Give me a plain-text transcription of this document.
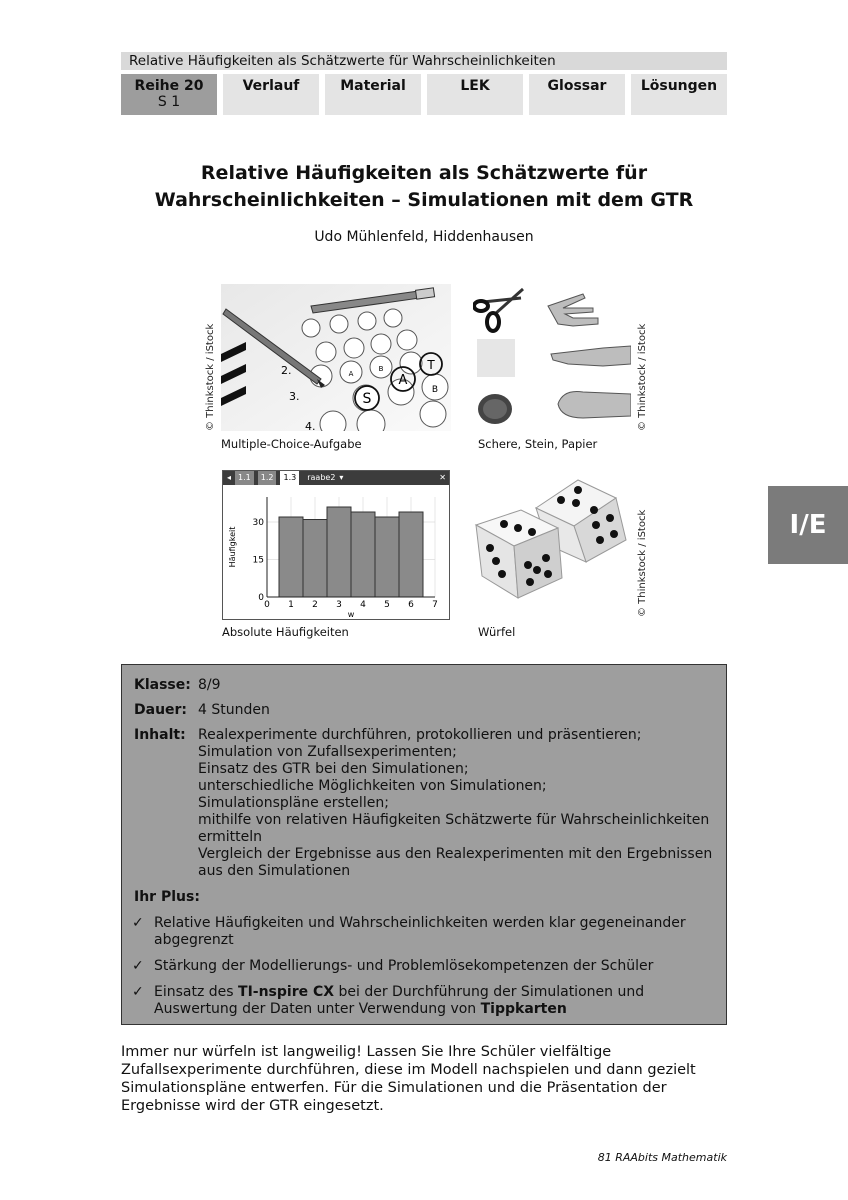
Relative Häufigkeiten als Schätzwerte für Wahrscheinlichkeiten
Reihe 20
S 1
Verlauf	Material	LEK	Glossar	Lösungen
Relative Häufigkeiten als Schätzwerte für
Wahrscheinlichkeiten – Simulationen mit dem GTR
Udo Mühlenfeld, Hiddenhausen
S
A
T
B
A
B
2.
3.
4.
© Thinkstock / iStock
Multiple-Choice-Aufgabe
© Thinkstock / iStock
Schere, Stein, Papier
◂ 1.1	1.2	1.3	raabe2 ▾	✕
0 1 2 3 4 5 6 7
0
15
30
w
Häufigkeit
Absolute Häufigkeiten
© Thinkstock / iStock
Würfel
I/E
Klasse: 8/9
Dauer: 4 Stunden
Inhalt: Realexperimente durchführen, protokollieren und präsentieren;
Simulation von Zufallsexperimenten;
Einsatz des GTR bei den Simulationen;
unterschiedliche Möglichkeiten von Simulationen;
Simulationspläne erstellen;
mithilfe von relativen Häufigkeiten Schätzwerte für Wahrscheinlichkeiten
ermitteln
Vergleich der Ergebnisse aus den Realexperimenten mit den Ergebnissen
aus den Simulationen
Ihr Plus:
✓ Relative Häufigkeiten und Wahrscheinlichkeiten werden klar gegeneinander abgegrenzt
✓ Stärkung der Modellierungs- und Problemlösekompetenzen der Schüler
✓ Einsatz des TI-nspire CX bei der Durchführung der Simulationen und Auswertung der Daten unter Verwendung von Tippkarten
Immer nur würfeln ist langweilig! Lassen Sie Ihre Schüler vielfältige Zufallsexperimente durchführen, diese im Modell nachspielen und dann gezielt Simulationspläne entwerfen. Für die Simulationen und die Präsentation der Ergebnisse wird der GTR eingesetzt.
81 RAAbits Mathematik
